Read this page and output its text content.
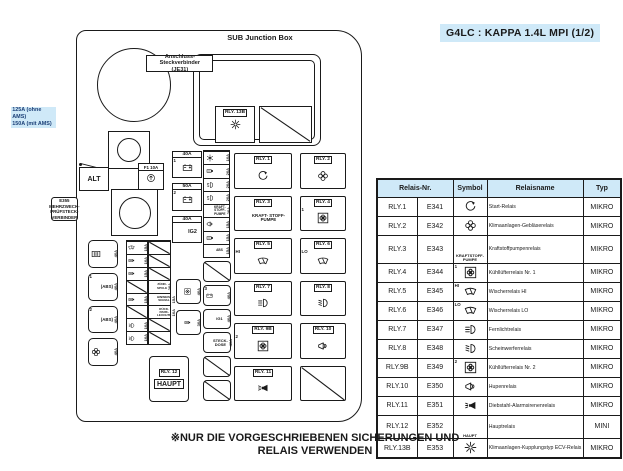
G4LC : KAPPA 1.4L MPI (1/2)
SUB Junction Box
Anschluss-Steckverbinder
(JE31)
RLY. 13B
125A (ohne AMS)
150A (mit AMS)
ALT
F1 10A
40A
1
50A
2
40A
IG2
10A
20A
20A
20A
KRAFT- STOFF- PUMPE 20A
15A
15A
ABS 15A
RLY. 1	RLY. 2
RLY. 3
KRAFT- STOFF- PUMPE
RLY. 4
1
RLY. 5
HI
RLY. 6
LO
RLY. 7	RLY. 8
RLY. 9B
2
RLY. 10
RLY. 11
40A
1
(ABS) 40A
2
(ABS) 40A
40A
15A
10A
15A
15A
10A
10A
ZÜND- SPULE 20A
HINWEIS- SIGNAL 15A
RÜCK- PARK- LEUCHTE 10A
40A
30A
3
40A
IG1 40A
STECK- DOSE 40A
E355
MEHRZWECK-
PRÜFSTECK-
VERBINDER
RLY. 12
HAUPT
Relais-Nr.	Symbol	Relaisname	Typ
RLY.1	E341		Start-Relais	MIKRO
RLY.2	E342		Klimaanlagen-Gebläserelais	MIKRO
RLY.3	E343	KRAFTSTOFF-PUMPE	Kraftstoffpumpenrelais	MIKRO
RLY.4	E344	1	Kühllüfterrelais Nr. 1	MIKRO
RLY.5	E345	HI	Wischerrelais HI	MIKRO
RLY.6	E346	LO	Wischerrelais LO	MIKRO
RLY.7	E347		Fernlichtrelais	MIKRO
RLY.8	E348		Scheinwerferrelais	MIKRO
RLY.9B	E349	2	Kühllüfterrelais Nr. 2	MIKRO
RLY.10	E350		Hupenrelais	MIKRO
RLY.11	E351		Diebstahl-Alarmsirenenrelais	MIKRO
RLY.12	E352	HAUPT	Hauptrelais	MINI
RLY.13B	E353		Klimaanlagen-Kupplungstyp ECV-Relais	MIKRO
※NUR DIE VORGESCHRIEBENEN SICHERUNGEN UND
RELAIS VERWENDEN
